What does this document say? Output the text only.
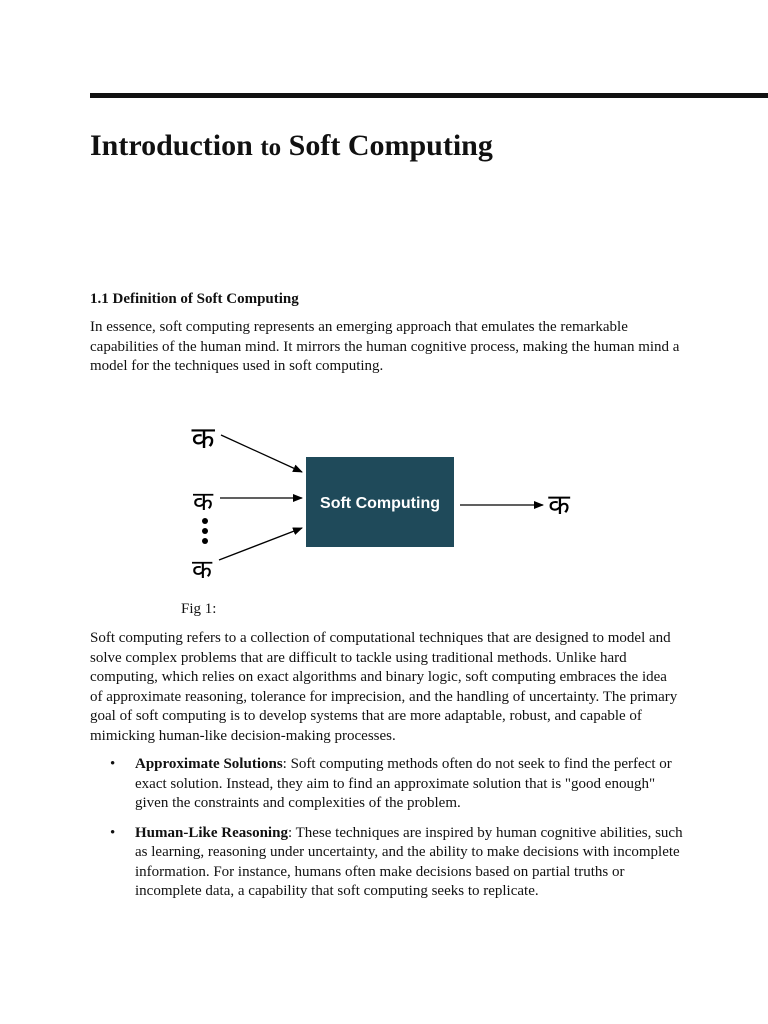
Introduction to Soft Computing
1.1 Definition of Soft Computing

In essence, soft computing represents an emerging approach that emulates the remarkable capabilities of the human mind. It mirrors the human cognitive process, making the human mind a model for the techniques used in soft computing.

क
क
क
Soft Computing	क
Fig 1:

Soft computing refers to a collection of computational techniques that are designed to model and solve complex problems that are difficult to tackle using traditional methods. Unlike hard computing, which relies on exact algorithms and binary logic, soft computing embraces the idea of approximate reasoning, tolerance for imprecision, and the handling of uncertainty. The primary goal of soft computing is to develop systems that are more adaptable, robust, and capable of mimicking human-like decision-making processes.

• Approximate Solutions: Soft computing methods often do not seek to find the perfect or exact solution. Instead, they aim to find an approximate solution that is "good enough" given the constraints and complexities of the problem.
• Human-Like Reasoning: These techniques are inspired by human cognitive abilities, such as learning, reasoning under uncertainty, and the ability to make decisions with incomplete information. For instance, humans often make decisions based on partial truths or incomplete data, a capability that soft computing seeks to replicate.
